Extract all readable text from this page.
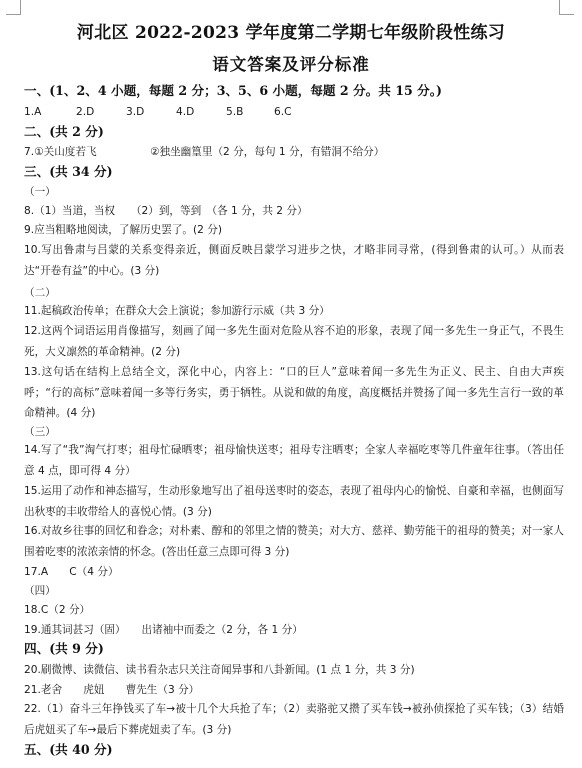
河北区 2022-2023 学年度第二学期七年级阶段性练习
语文答案及评分标准
一、(1、2、4 小题，每题 2 分；3、5、6 小题，每题 2 分。共 15 分。)
1.A	2.D	3.D	4.D	5.B	6.C
二、(共 2 分)
7.①关山度若飞	②独坐幽篁里（2 分，每句 1 分，有错洞不给分）
三、(共 34 分)
（一）
8.（1）当道，当权　　（2）到，等到　（各 1 分，共 2 分）
9.应当粗略地阅读，了解历史罢了。(2 分)
10.写出鲁肃与吕蒙的关系变得亲近，侧面反映吕蒙学习进步之快，才略非同寻常，(得到鲁肃的认可。）从而表达“开卷有益”的中心。(3 分)
（二）
11.起稿政治传单；在群众大会上演说；参加游行示威（共 3 分）
12.这两个词语运用肖像描写，刻画了闻一多先生面对危险从容不迫的形象，表现了闻一多先生一身正气，不畏生死，大义凛然的革命精神。(2 分)
13.这句话在结构上总结全文，深化中心，内容上：“口的巨人”意味着闻一多先生为正义、民主、自由大声疾呼；“行的高标”意味着闻一多等行务实，勇于牺牲。从说和做的角度，高度概括并赞扬了闻一多先生言行一致的革命精神。(4 分)
（三）
14.写了“我”淘气打枣；祖母忙碌晒枣；祖母愉快送枣；祖母专注晒枣；全家人幸福吃枣等几件童年往事。（答出任意 4 点，即可得 4 分）
15.运用了动作和神态描写，生动形象地写出了祖母送枣时的姿态，表现了祖母内心的愉悦、自豪和幸福，也侧面写出秋枣的丰收带给人的喜悦心情。(3 分)
16.对故乡往事的回忆和眷念；对朴素、醇和的邻里之情的赞美；对大方、慈祥、勤劳能干的祖母的赞美；对一家人围着吃枣的浓浓亲情的怀念。(答出任意三点即可得 3 分)
17.A　　C（4 分）
（四）
18.C（2 分）
19.通其词甚习（固）　　出诸袖中而委之（2 分，各 1 分）
四、(共 9 分)
20.刷微博、读微信、读书看杂志只关注奇闻异事和八卦新闻。(1 点 1 分，共 3 分)
21.老舍　　虎妞　　曹先生（3 分）
22.（1）奋斗三年挣钱买了车→被十几个大兵抢了车；（2）卖骆驼又攒了买车钱→被孙侦探抢了买车钱；（3）结婚后虎妞买了车→最后下葬虎妞卖了车。(3 分)
五、(共 40 分)
